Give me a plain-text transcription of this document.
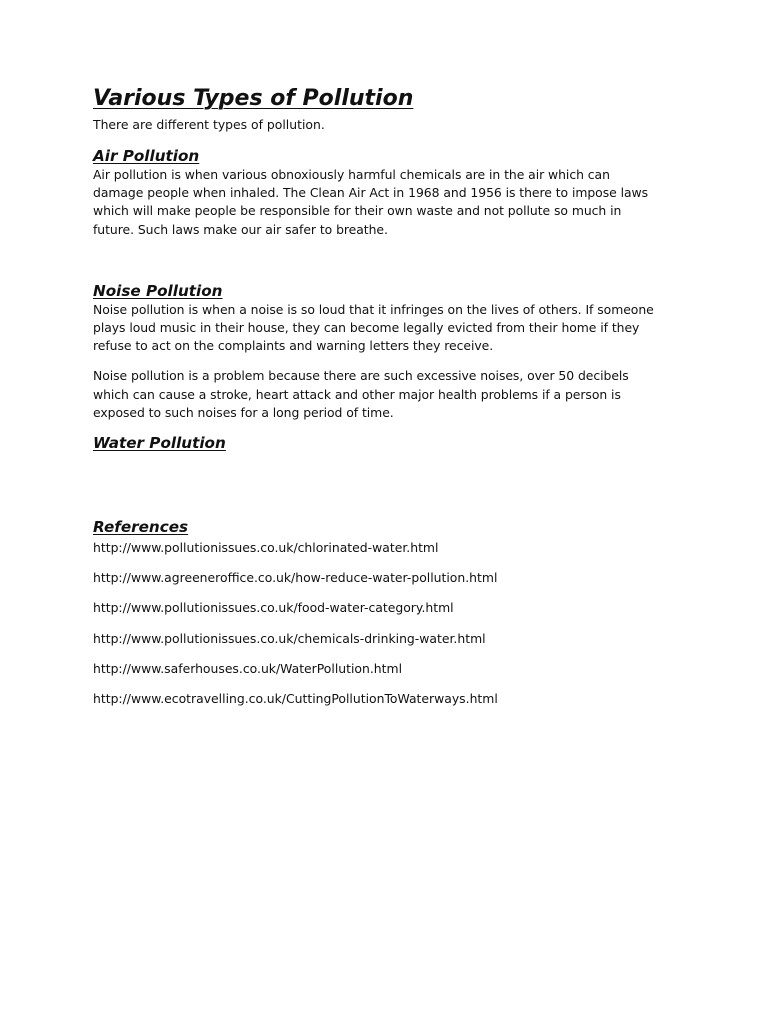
Various Types of Pollution

There are different types of pollution.

Air Pollution

Air pollution is when various obnoxiously harmful chemicals are in the air which can
damage people when inhaled. The Clean Air Act in 1968 and 1956 is there to impose laws
which will make people be responsible for their own waste and not pollute so much in
future. Such laws make our air safer to breathe.

Noise Pollution

Noise pollution is when a noise is so loud that it infringes on the lives of others. If someone
plays loud music in their house, they can become legally evicted from their home if they
refuse to act on the complaints and warning letters they receive.

Noise pollution is a problem because there are such excessive noises, over 50 decibels
which can cause a stroke, heart attack and other major health problems if a person is
exposed to such noises for a long period of time.

Water Pollution
References
http://www.pollutionissues.co.uk/chlorinated-water.html
http://www.agreeneroffice.co.uk/how-reduce-water-pollution.html
http://www.pollutionissues.co.uk/food-water-category.html
http://www.pollutionissues.co.uk/chemicals-drinking-water.html
http://www.saferhouses.co.uk/WaterPollution.html
http://www.ecotravelling.co.uk/CuttingPollutionToWaterways.html
